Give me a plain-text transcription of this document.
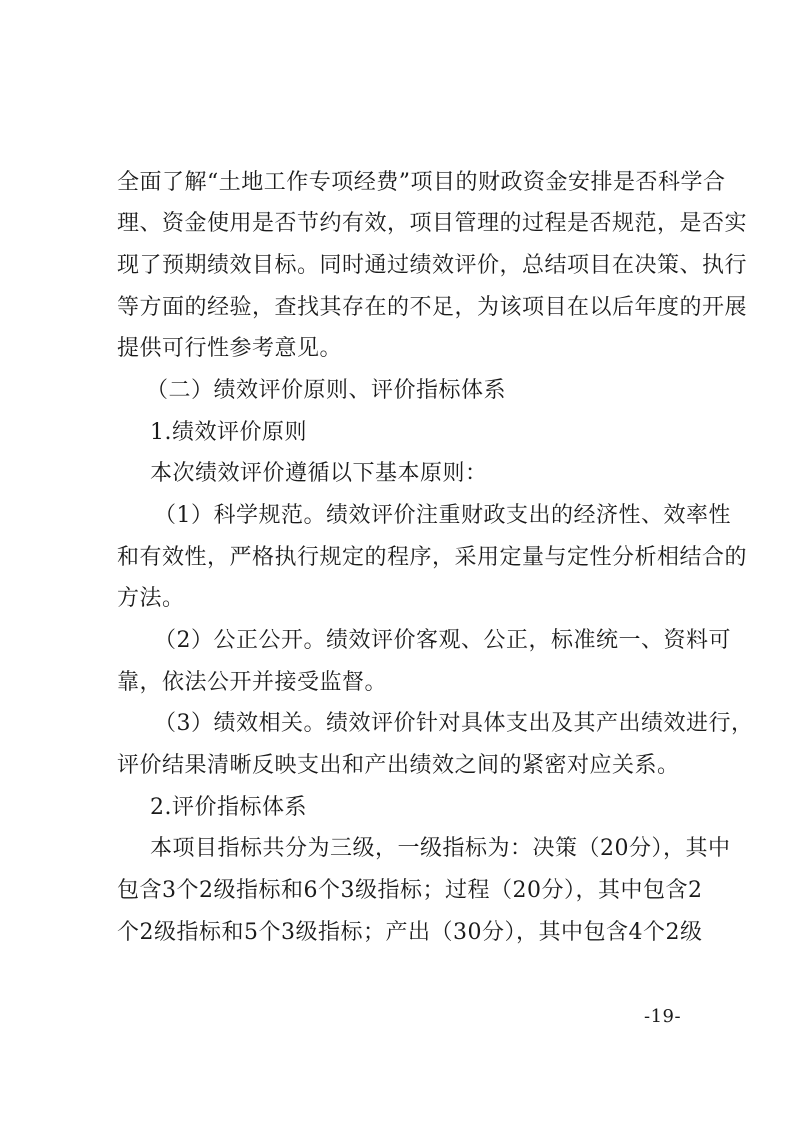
全面了解“土地工作专项经费”项目的财政资金安排是否科学合
理、资金使用是否节约有效，项目管理的过程是否规范，是否实
现了预期绩效目标。同时通过绩效评价，总结项目在决策、执行
等方面的经验，查找其存在的不足，为该项目在以后年度的开展
提供可行性参考意见。
（二）绩效评价原则、评价指标体系
1.绩效评价原则
本次绩效评价遵循以下基本原则：
（1）科学规范。绩效评价注重财政支出的经济性、效率性
和有效性，严格执行规定的程序，采用定量与定性分析相结合的
方法。
（2）公正公开。绩效评价客观、公正，标准统一、资料可
靠，依法公开并接受监督。
（3）绩效相关。绩效评价针对具体支出及其产出绩效进行，
评价结果清晰反映支出和产出绩效之间的紧密对应关系。
2.评价指标体系
本项目指标共分为三级，一级指标为：决策（20分），其中
包含3个2级指标和6个3级指标；过程（20分），其中包含2
个2级指标和5个3级指标；产出（30分），其中包含4个2级
-19-
